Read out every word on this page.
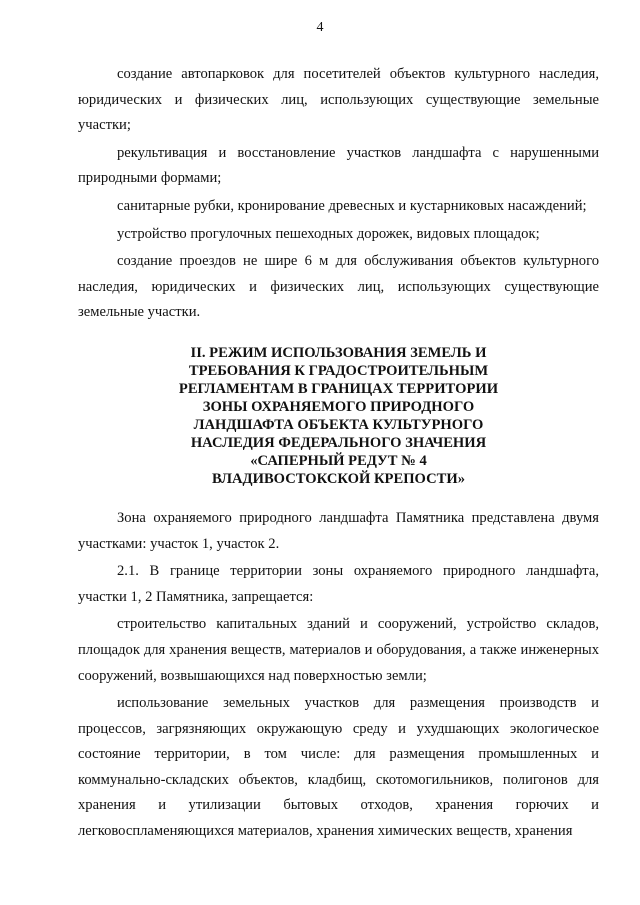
4

создание автопарковок для посетителей объектов культурного наследия, юридических и физических лиц, использующих существующие земельные участки;

рекультивация и восстановление участков ландшафта с нарушенными природными формами;

санитарные рубки, кронирование древесных и кустарниковых насаждений;

устройство прогулочных пешеходных дорожек, видовых площадок;

создание проездов не шире 6 м для обслуживания объектов культурного наследия, юридических и физических лиц, использующих существующие земельные участки.

II. РЕЖИМ ИСПОЛЬЗОВАНИЯ ЗЕМЕЛЬ И
ТРЕБОВАНИЯ К ГРАДОСТРОИТЕЛЬНЫМ
РЕГЛАМЕНТАМ В ГРАНИЦАХ ТЕРРИТОРИИ
ЗОНЫ ОХРАНЯЕМОГО ПРИРОДНОГО
ЛАНДШАФТА ОБЪЕКТА КУЛЬТУРНОГО
НАСЛЕДИЯ ФЕДЕРАЛЬНОГО ЗНАЧЕНИЯ
«САПЕРНЫЙ РЕДУТ № 4
ВЛАДИВОСТОКСКОЙ КРЕПОСТИ»

Зона охраняемого природного ландшафта Памятника представлена двумя участками: участок 1, участок 2.

2.1. В границе территории зоны охраняемого природного ландшафта, участки 1, 2 Памятника, запрещается:

строительство капитальных зданий и сооружений, устройство складов, площадок для хранения веществ, материалов и оборудования, а также инженерных сооружений, возвышающихся над поверхностью земли;

использование земельных участков для размещения производств и процессов, загрязняющих окружающую среду и ухудшающих экологическое состояние территории, в том числе: для размещения промышленных и коммунально-складских объектов, кладбищ, скотомогильников, полигонов для хранения и утилизации бытовых отходов, хранения горючих и легковоспламеняющихся материалов, хранения химических веществ, хранения
